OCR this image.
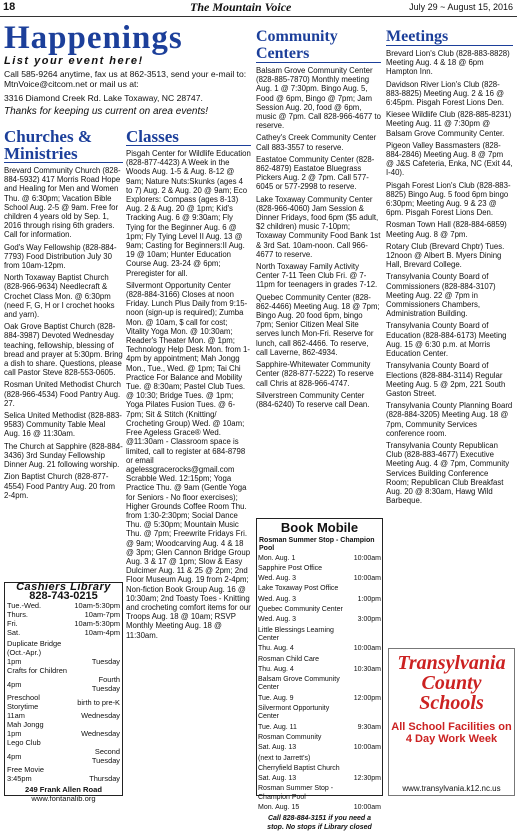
18	The Mountain Voice	July 29 ~ August 15, 2016
Happenings
List your event here!
Call 585-9264 anytime, fax us at 862-3513, send your e-mail to: MtnVoice@citcom.net or mail us at:
3316 Diamond Creek Rd. Lake Toxaway, NC 28747.
Thanks for keeping us current on area events!
Churches & Ministries
Brevard Community Church (828-884-5932) 417 Morris Road Hope and Healing for Men and Women Thu. @ 6:30pm; Vacation Bible School Aug. 2-5 @ 9am. Free for children 4 years old by Sep. 1, 2016 through rising 6th graders. Call for information.
God's Way Fellowship (828-884-7793) Food Distribution July 30 from 10am-12pm.
North Toxaway Baptist Church (828-966-9634) Needlecraft & Crochet Class Mon. @ 6:30pm (need F, G, H or I crochet hooks and yarn).
Oak Grove Baptist Church (828-884-3987) Devoted Wednesday teaching, fellowship, blessing of bread and prayer at 5:30pm. Bring a dish to share. Questions, please call Pastor Steve 828-553-0605.
Rosman United Methodist Church (828-966-4534) Food Pantry Aug. 27.
Selica United Methodist (828-883-9583) Community Table Meal Aug. 16 @ 11:30am.
The Church at Sapphire (828-884-3436) 3rd Sunday Fellowship Dinner Aug. 21 following worship.
Zion Baptist Church (828-877-4554) Food Pantry Aug. 20 from 2-4pm.
Cashiers Library
828-743-0215
Tue.-Wed.	10am-5:30pm
Thurs.	10am-7pm
Fri.	10am-5:30pm
Sat.	10am-4pm
Duplicate Bridge (Oct.-Apr.)	
1pm	Tuesday
Crafts for Children	
4pm	Fourth Tuesday
Preschool Storytime	birth to pre-K
11am	Wednesday
Mah Jongg	
1pm	Wednesday
Lego Club	
4pm	Second Tuesday
Free Movie	
3:45pm	Thursday
249 Frank Allen Road
www.fontanalib.org
Classes
Pisgah Center for Wildlife Education (828-877-4423) A Week in the Woods Aug. 1-5 & Aug. 8-12 @ 9am; Nature Nuts:Skunks (ages 4 to 7) Aug. 2 & Aug. 20 @ 9am; Eco Explorers: Compass (ages 8-13) Aug. 2 & Aug. 20 @ 1pm; Kid's Tracking Aug. 6 @ 9:30am; Fly Tying for the Beginner Aug. 6 @ 1pm; Fly Tying Level II Aug. 13 @ 9am; Casting for Beginners:II Aug. 19 @ 10am; Hunter Education Course Aug. 23-24 @ 6pm; Preregister for all.
Silvermont Opportunity Center (828-884-3166) Closes at noon Friday. Lunch Plus Daily from 9:15-noon (sign-up is required); Zumba Mon. @ 10am, $ call for cost; Vitality Yoga Mon. @ 10:30am; Reader's Theater Mon. @ 1pm; Technology Help Desk Mon. from 1-4pm by appointment; Mah Jongg Mon., Tue., Wed. @ 1pm; Tai Chi Practice For Balance and Mobility Tue. @ 8:30am; Pastel Club Tues. @ 10:30; Bridge Tues. @ 1pm; Yoga Pilates Fusion Tues. @ 6-7pm; Sit & Stitch (Knitting/ Crocheting Group) Wed. @ 10am; Free Ageless Grace® Wed. @11:30am - Classroom space is limited, call to register at 684-8798 or email agelessgracerocks@gmail.com Scrabble Wed. 12:15pm; Yoga Practice Thu. @ 9am (Gentle Yoga for Seniors - No floor exercises); Higher Grounds Coffee Room Thu. from 1:30-2:30pm; Social Dance Thu. @ 5:30pm; Mountain Music Thu. @ 7pm; Freewrite Fridays Fri. @ 9am; Woodcarving Aug. 4 & 18 @ 3pm; Glen Cannon Bridge Group Aug. 3 & 17 @ 1pm; Slow & Easy Dulcimer Aug. 11 & 25 @ 2pm; 2nd Floor Museum Aug. 19 from 2-4pm; Non-fiction Book Group Aug. 16 @ 10:30am; 2nd Toasty Toes - Knitting and crocheting comfort items for our Troops Aug. 18 @ 10am; RSVP Monthly Meeting Aug. 18 @ 11:30am.
Community Centers
Balsam Grove Community Center (828-885-7870) Monthly meeting Aug. 1 @ 7:30pm. Bingo Aug. 5, Food @ 6pm, Bingo @ 7pm; Jam Session Aug. 20, food @ 6pm, music @ 7pm. Call 828-966-4677 to reserve.
Cathey's Creek Community Center Call 883-3557 to reserve.
Eastatoe Community Center (828-862-4879) Eastatoe Bluegrass Pickers Aug. 2 @ 7pm. Call 577-6045 or 577-2998 to reserve.
Lake Toxaway Community Center (828-966-4060) Jam Session & Dinner Fridays, food 6pm ($5 adult, $2 children) music 7-10pm; Toxaway Community Food Bank 1st & 3rd Sat. 10am-noon. Call 966-4677 to reserve.
North Toxaway Family Activity Center 7-11 Teen Club Fri. @ 7-11pm for teenagers in grades 7-12.
Quebec Community Center (828-862-4466) Meeting Aug. 18 @ 7pm; Bingo Aug. 20 food 6pm, bingo 7pm; Senior Citizen Meal Site serves lunch Mon-Fri. Reserve for lunch, call 862-4466. To reserve, call Laverne, 862-4934.
Sapphire-Whitewater Community Center (828-877-5222) To reserve call Chris at 828-966-4747.
Silverstreen Community Center (884-6240) To reserve call Dean.
Book Mobile
Rosman Summer Stop - Champion Pool
Mon. Aug. 1	10:00am
Sapphire Post Office	
Wed. Aug. 3	10:00am
Lake Toxaway Post Office	
Wed. Aug. 3	1:00pm
Quebec Community Center	
Wed. Aug. 3	3:00pm
Little Blessings Learning Center	
Thu. Aug. 4	10:00am
Rosman Child Care	
Thu. Aug. 4	10:30am
Balsam Grove Community Center	
Tue. Aug. 9	12:00pm
Silvermont Opportunity Center	
Tue. Aug. 11	9:30am
Rosman Community	
Sat. Aug. 13	10:00am
(next to Jarrett's)	
Cherryfield Baptist Church	
Sat. Aug. 13	12:30pm
Rosman Summer Stop - Champion Pool	
Mon. Aug. 15	10:00am
Call 828-884-3151 if you need a stop. No stops if Library closed
Meetings
Brevard Lion's Club (828-883-8828) Meeting Aug. 4 & 18 @ 6pm Hampton Inn.
Davidson River Lion's Club (828-883-8825) Meeting Aug. 2 & 16 @ 6:45pm. Pisgah Forest Lions Den.
Kiesee Wildlife Club (828-885-8231) Meeting Aug. 11 @ 7:30pm @ Balsam Grove Community Center.
Pigeon Valley Bassmasters (828-884-2846) Meeting Aug. 8 @ 7pm @ J&S Cafeteria, Enka, NC (Exit 44, I-40).
Pisgah Forest Lion's Club (828-883-8825) Bingo Aug. 5 food 6pm bingo 6:30pm; Meeting Aug. 9 & 23 @ 6pm. Pisgah Forest Lions Den.
Rosman Town Hall (828-884-6859) Meeting Aug. 8 @ 7pm.
Rotary Club (Brevard Chptr) Tues. 12noon @ Albert B. Myers Dining Hall, Brevard College.
Transylvania County Board of Commissioners (828-884-3107) Meeting Aug. 22 @ 7pm in Commissioners Chambers, Administration Building.
Transylvania County Board of Education (828-884-6173) Meeting Aug. 15 @ 6:30 p.m. at Morris Education Center.
Transylvania County Board of Elections (828-884-3114) Regular Meeting Aug. 5 @ 2pm, 221 South Gaston Street.
Transylvania County Planning Board (828-884-3205) Meeting Aug. 18 @ 7pm, Community Services conference room.
Transylvania County Republican Club (828-883-4677) Executive Meeting Aug. 4 @ 7pm, Community Services Building Conference Room; Republican Club Breakfast Aug. 20 @ 8:30am, Hawg Wild Barbeque.
Transylvania County Schools
All School Facilities on 4 Day Work Week
www.transylvania.k12.nc.us
